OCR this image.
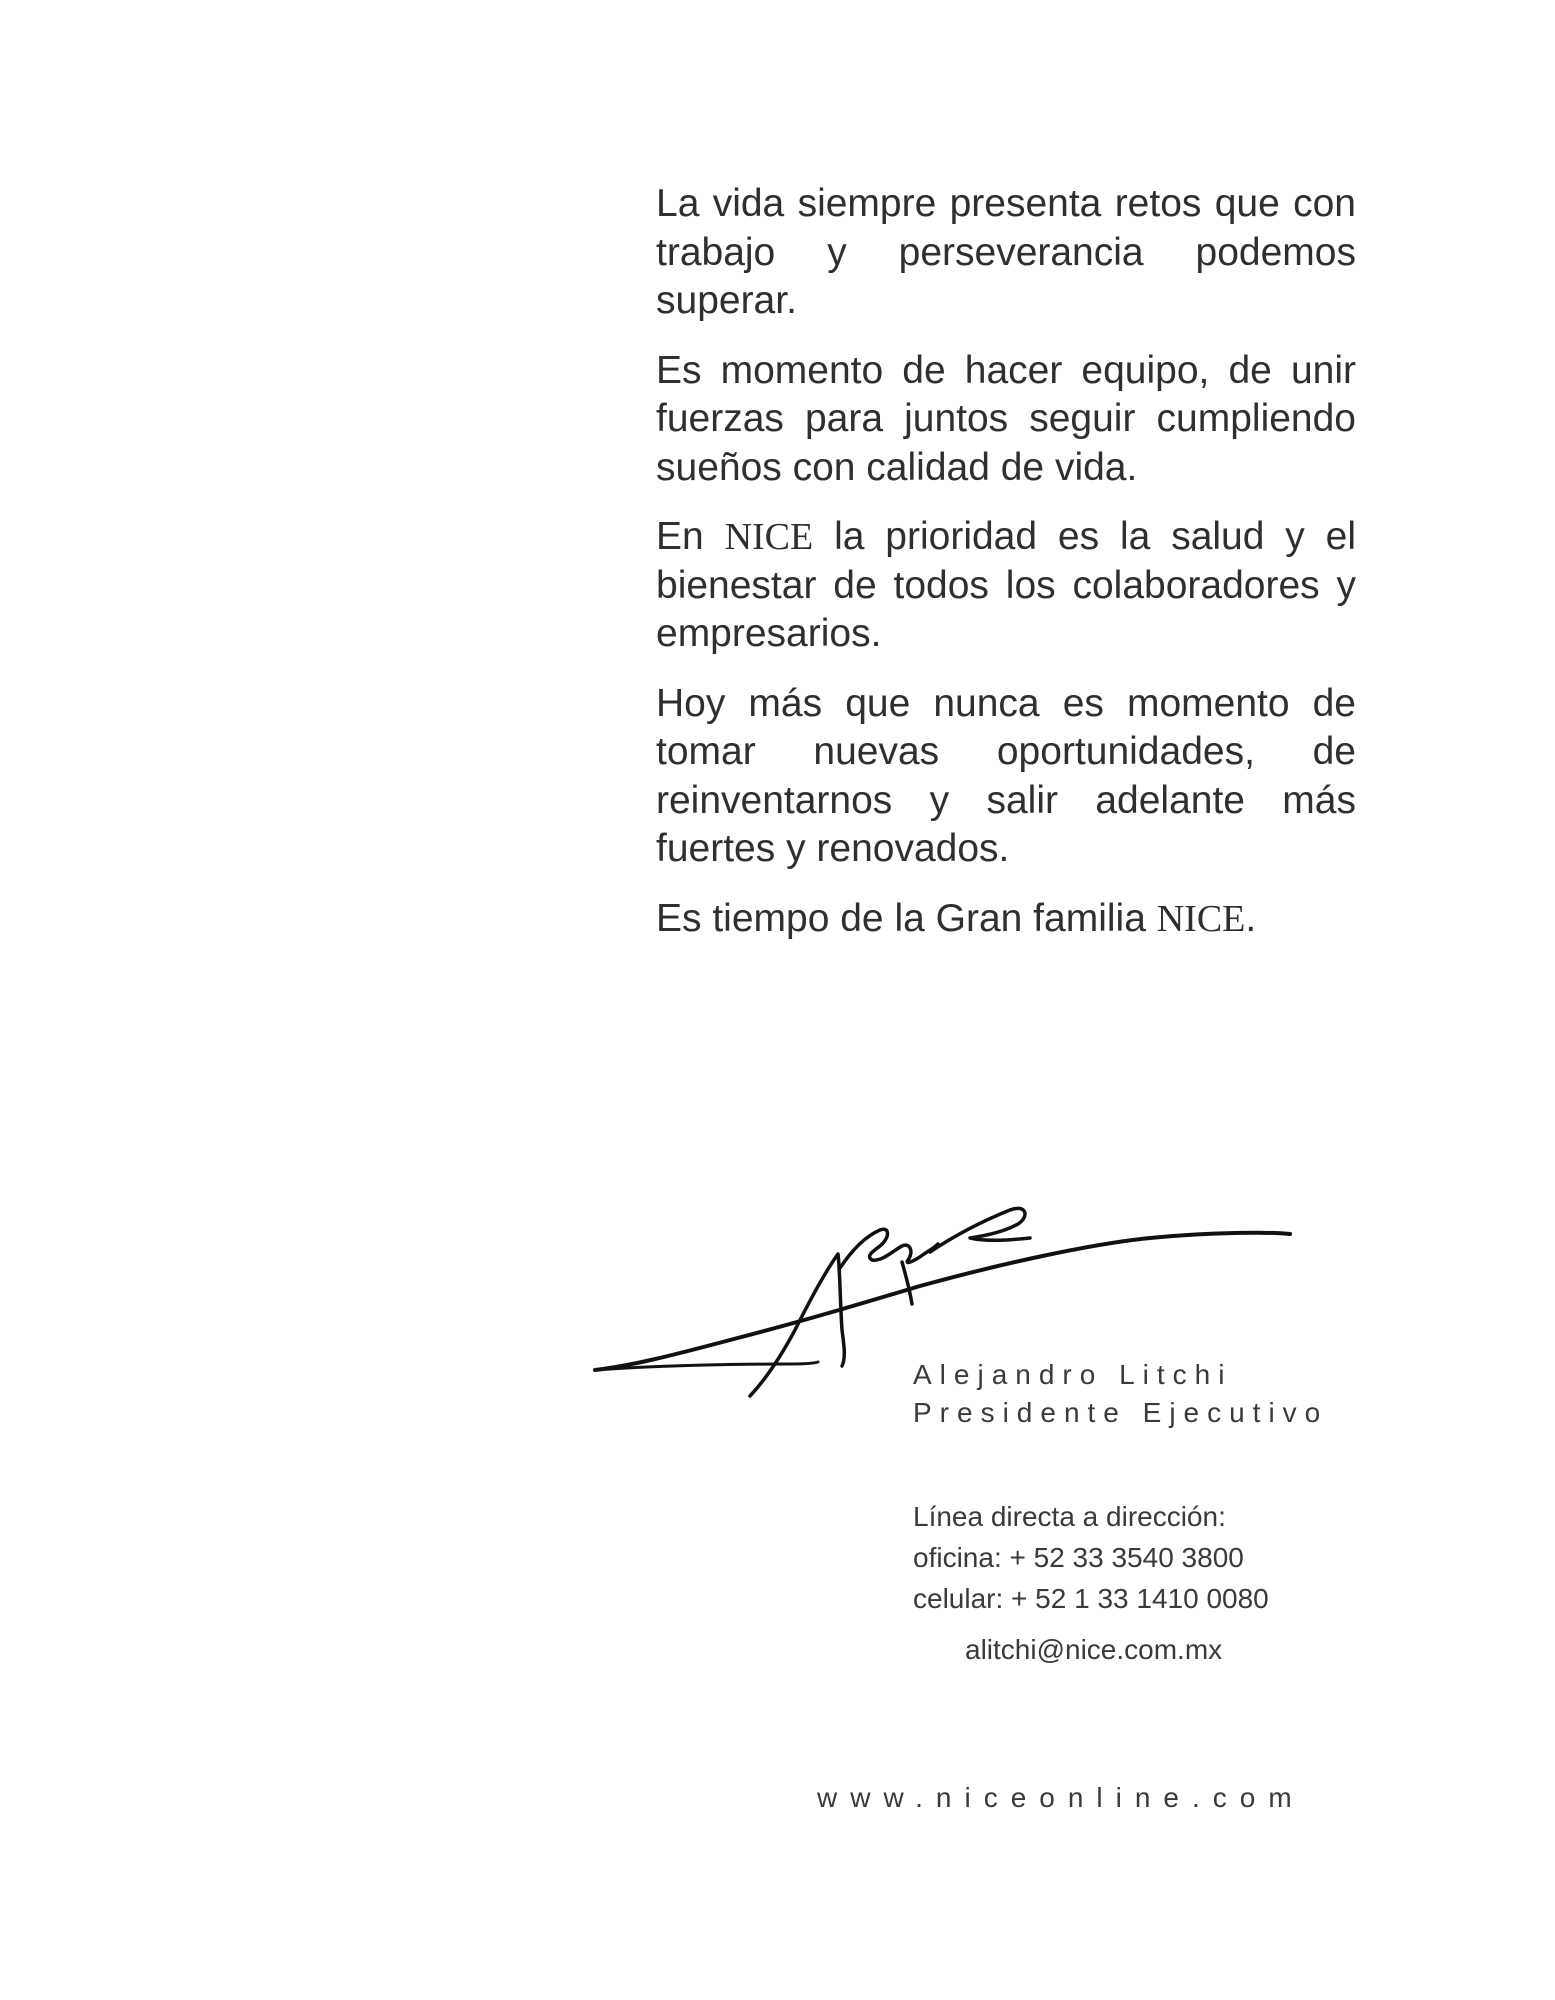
La vida siempre presenta retos que con trabajo y perseverancia podemos superar.

Es momento de hacer equipo, de unir fuerzas para juntos seguir cumpliendo sueños con calidad de vida.

En NICE la prioridad es la salud y el bienestar de todos los colaboradores y empresarios.

Hoy más que nunca es momento de tomar nuevas oportunidades, de reinventarnos y salir adelante más fuertes y renovados.

Es tiempo de la Gran familia NICE.

Alejandro Litchi
Presidente Ejecutivo
Línea directa a dirección:
oficina: + 52 33 3540 3800
celular: + 52 1 33 1410 0080
alitchi@nice.com.mx
www.niceonline.com
